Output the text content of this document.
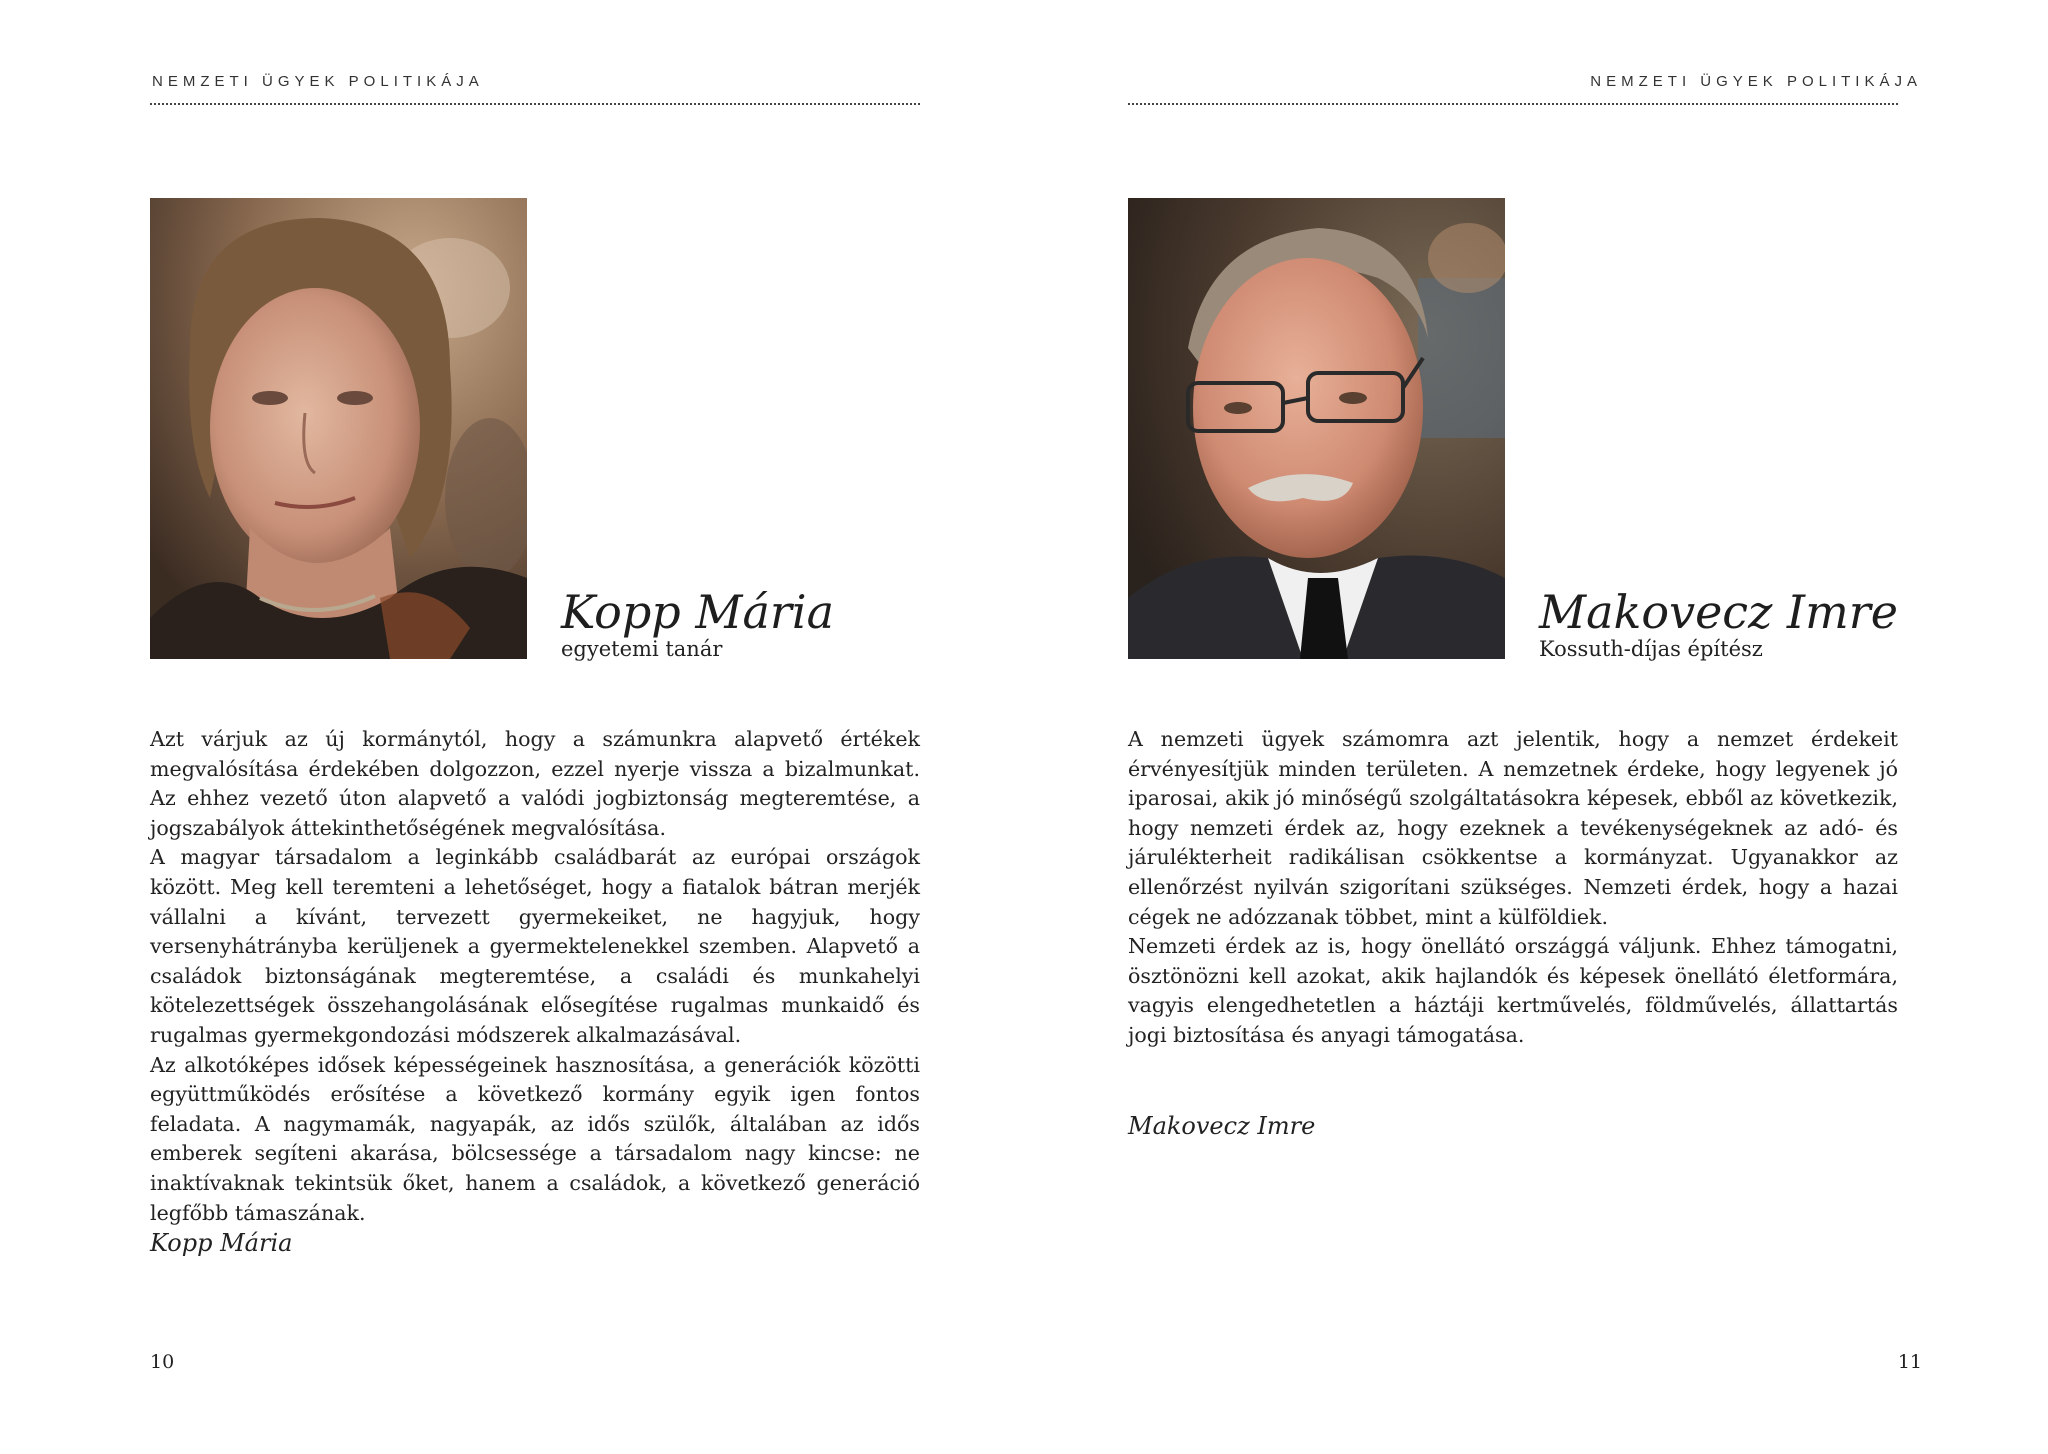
NEMZETI ÜGYEK POLITIKÁJA
Kopp Mária
egyetemi tanár

Azt várjuk az új kormánytól, hogy a számunkra alapvető értékek megvalósítása érdekében dolgozzon, ezzel nyerje vissza a bizalmunkat. Az ehhez vezető úton alapvető a valódi jogbiztonság megteremtése, a jogszabályok áttekinthetőségének megvalósítása.

A magyar társadalom a leginkább családbarát az európai országok között. Meg kell teremteni a lehetőséget, hogy a fiatalok bátran merjék vállalni a kívánt, tervezett gyermekeiket, ne hagyjuk, hogy versenyhátrányba kerüljenek a gyermektelenekkel szemben. Alapvető a családok biztonságának megteremtése, a családi és munkahelyi kötelezettségek összehangolásának elősegítése rugalmas munkaidő és rugalmas gyermekgondozási módszerek alkalmazásával.

Az alkotóképes idősek képességeinek hasznosítása, a generációk közötti együttműködés erősítése a következő kormány egyik igen fontos feladata. A nagymamák, nagyapák, az idős szülők, általában az idős emberek segíteni akarása, bölcsessége a társadalom nagy kincse: ne inaktívaknak tekintsük őket, hanem a családok, a következő generáció legfőbb támaszának.

Kopp Mária
10
NEMZETI ÜGYEK POLITIKÁJA
Makovecz Imre
Kossuth-díjas építész

A nemzeti ügyek számomra azt jelentik, hogy a nemzet érdekeit érvényesítjük minden területen. A nemzetnek érdeke, hogy legyenek jó iparosai, akik jó minőségű szolgáltatásokra képesek, ebből az következik, hogy nemzeti érdek az, hogy ezeknek a tevékenységeknek az adó- és járulékterheit radikálisan csökkentse a kormányzat. Ugyanakkor az ellenőrzést nyilván szigorítani szükséges. Nemzeti érdek, hogy a hazai cégek ne adózzanak többet, mint a külföldiek.

Nemzeti érdek az is, hogy önellátó országgá váljunk. Ehhez támogatni, ösztönözni kell azokat, akik hajlandók és képesek önellátó életformára, vagyis elengedhetetlen a háztáji kertművelés, földművelés, állattartás jogi biztosítása és anyagi támogatása.

Makovecz Imre
11
